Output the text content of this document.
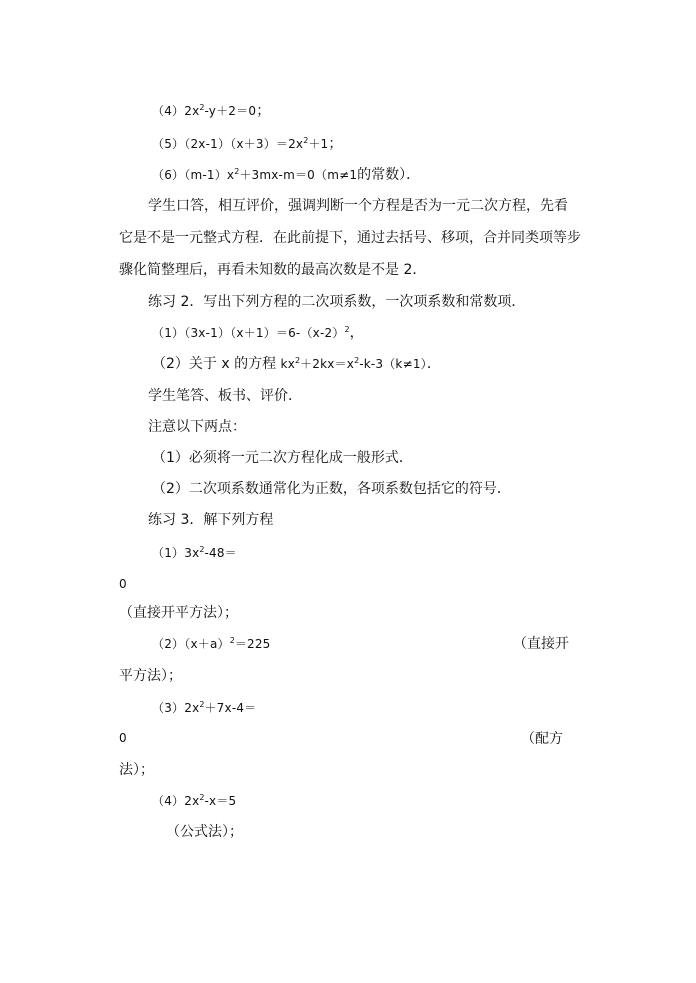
$(4)2x^2-y+2=0$；
$(5)(2x-1)(x+3)=2x^2+1$；
$(6)(m-1)x^2+3mx-m=0(m\ne 1$的常数）．
学生口答，相互评价，强调判断一个方程是否为一元二次方程，先看
它是不是一元整式方程．在此前提下，通过去括号、移项，合并同类项等步
骤化简整理后，再看未知数的最高次数是不是 2．
练习 2．写出下列方程的二次项系数，一次项系数和常数项．
$(1)(3x-1)(x+1)=6-(x-2)^2$，
（2）关于 x 的方程 $kx^2+2kx=x^2-k-3(k\ne 1)$．
学生笔答、板书、评价．
注意以下两点：
（1）必须将一元二次方程化成一般形式．
（2）二次项系数通常化为正数，各项系数包括它的符号．
练习 3．解下列方程
$(1)3x^2-48=$
0
（直接开平方法）；
$(2)(x+a)^2=225$	（直接开
平方法）；
$(3)2x^2+7x-4=$
0	（配方
法）；
$(4)2x^2-x=5$
（公式法）；
